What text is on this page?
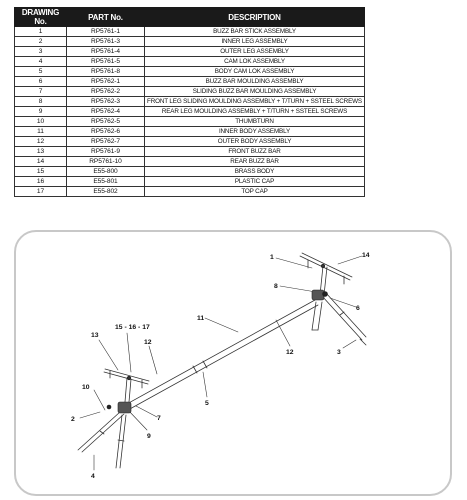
DRAWING No.	PART No.	DESCRIPTION
1	RP5761-1	BUZZ BAR STICK ASSEMBLY
2	RP5761-3	INNER LEG ASSEMBLY
3	RP5761-4	OUTER LEG ASSEMBLY
4	RP5761-5	CAM LOK ASSEMBLY
5	RP5761-8	BODY CAM LOK ASSEMBLY
6	RP5762-1	BUZZ BAR MOULDING ASSEMBLY
7	RP5762-2	SLIDING BUZZ BAR MOULDING ASSEMBLY
8	RP5762-3	FRONT LEG SLIDING MOULDING ASSEMBLY + T/TURN + SSTEEL SCREWS
9	RP5762-4	REAR LEG MOULDING ASSEMBLY + T/TURN + SSTEEL SCREWS
10	RP5762-5	THUMBTURN
11	RP5762-6	INNER BODY ASSEMBLY
12	RP5762-7	OUTER BODY ASSEMBLY
13	RP5761-9	FRONT BUZZ BAR
14	RP5761-10	REAR BUZZ BAR
15	E55-800	BRASS BODY
16	E55-801	PLASTIC CAP
17	E55-802	TOP CAP
1	14
8
6
3
11
12
5
12
15 - 16 - 17
13
10
2	7
9
4
